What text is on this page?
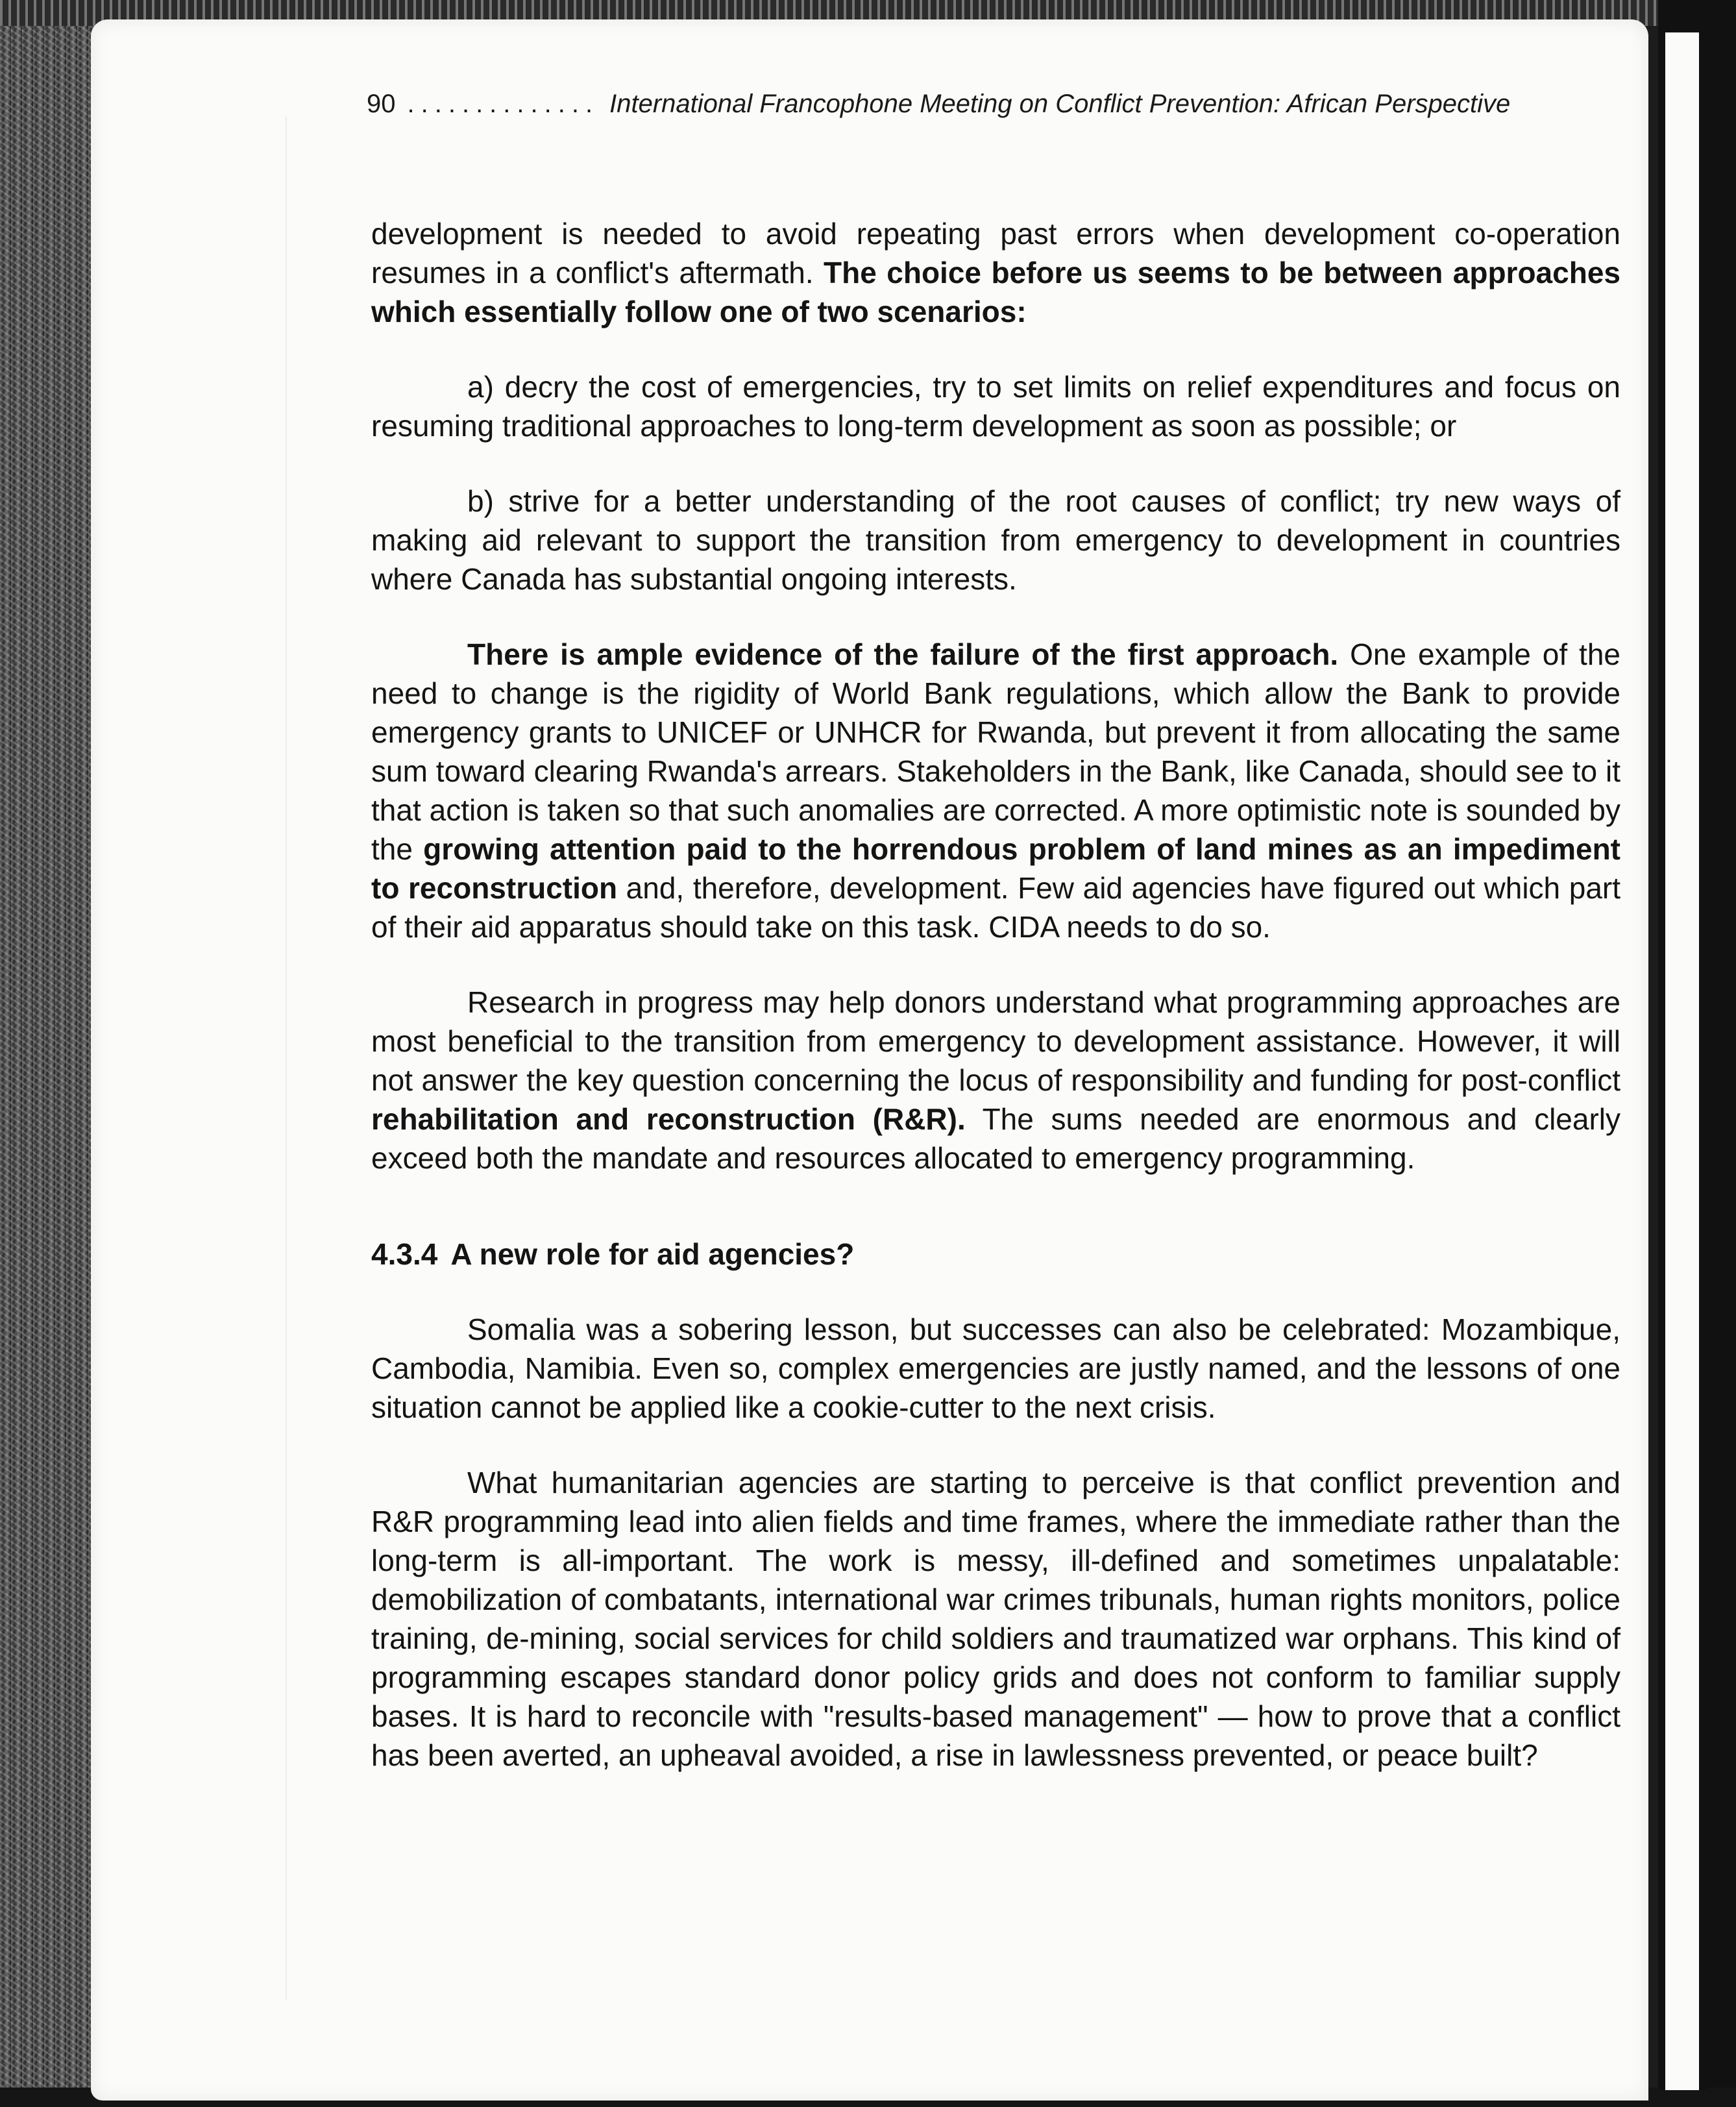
90 .............. International Francophone Meeting on Conflict Prevention: African Perspective

development is needed to avoid repeating past errors when development co-operation resumes in a conflict's aftermath. The choice before us seems to be between approaches which essentially follow one of two scenarios:

a) decry the cost of emergencies, try to set limits on relief expenditures and focus on resuming traditional approaches to long-term development as soon as possible; or

b) strive for a better understanding of the root causes of conflict; try new ways of making aid relevant to support the transition from emergency to development in countries where Canada has substantial ongoing interests.

There is ample evidence of the failure of the first approach. One example of the need to change is the rigidity of World Bank regulations, which allow the Bank to provide emergency grants to UNICEF or UNHCR for Rwanda, but prevent it from allocating the same sum toward clearing Rwanda's arrears. Stakeholders in the Bank, like Canada, should see to it that action is taken so that such anomalies are corrected. A more optimistic note is sounded by the growing attention paid to the horrendous problem of land mines as an impediment to reconstruction and, therefore, development. Few aid agencies have figured out which part of their aid apparatus should take on this task. CIDA needs to do so.

Research in progress may help donors understand what programming approaches are most beneficial to the transition from emergency to development assistance. However, it will not answer the key question concerning the locus of responsibility and funding for post-conflict rehabilitation and reconstruction (R&R). The sums needed are enormous and clearly exceed both the mandate and resources allocated to emergency programming.

4.3.4 A new role for aid agencies?

Somalia was a sobering lesson, but successes can also be celebrated: Mozambique, Cambodia, Namibia. Even so, complex emergencies are justly named, and the lessons of one situation cannot be applied like a cookie-cutter to the next crisis.

What humanitarian agencies are starting to perceive is that conflict prevention and R&R programming lead into alien fields and time frames, where the immediate rather than the long-term is all-important. The work is messy, ill-defined and sometimes unpalatable: demobilization of combatants, international war crimes tribunals, human rights monitors, police training, de-mining, social services for child soldiers and traumatized war orphans. This kind of programming escapes standard donor policy grids and does not conform to familiar supply bases. It is hard to reconcile with "results-based management" — how to prove that a conflict has been averted, an upheaval avoided, a rise in lawlessness prevented, or peace built?
